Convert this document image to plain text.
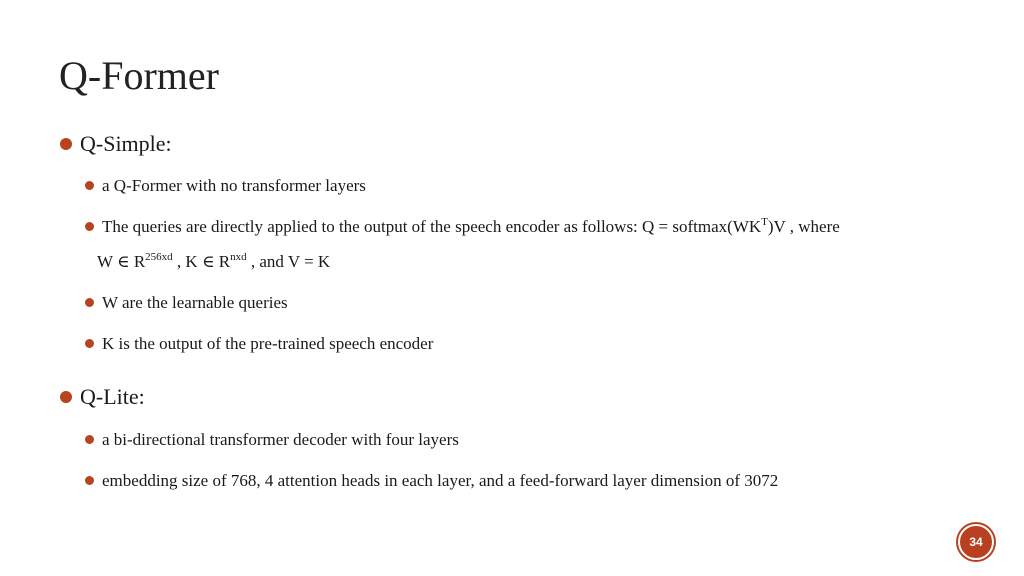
Q-Former
Q-Simple:
a Q-Former with no transformer layers
The queries are directly applied to the output of the speech encoder as follows: $Q = softmax(WK^T)V$ , where
W ∈ $R^{256xd}$ , K ∈ $R^{nxd}$ , and V = K
W are the learnable queries
K is the output of the pre-trained speech encoder
Q-Lite:
a bi-directional transformer decoder with four layers
embedding size of 768, 4 attention heads in each layer, and a feed-forward layer dimension of 3072
34
